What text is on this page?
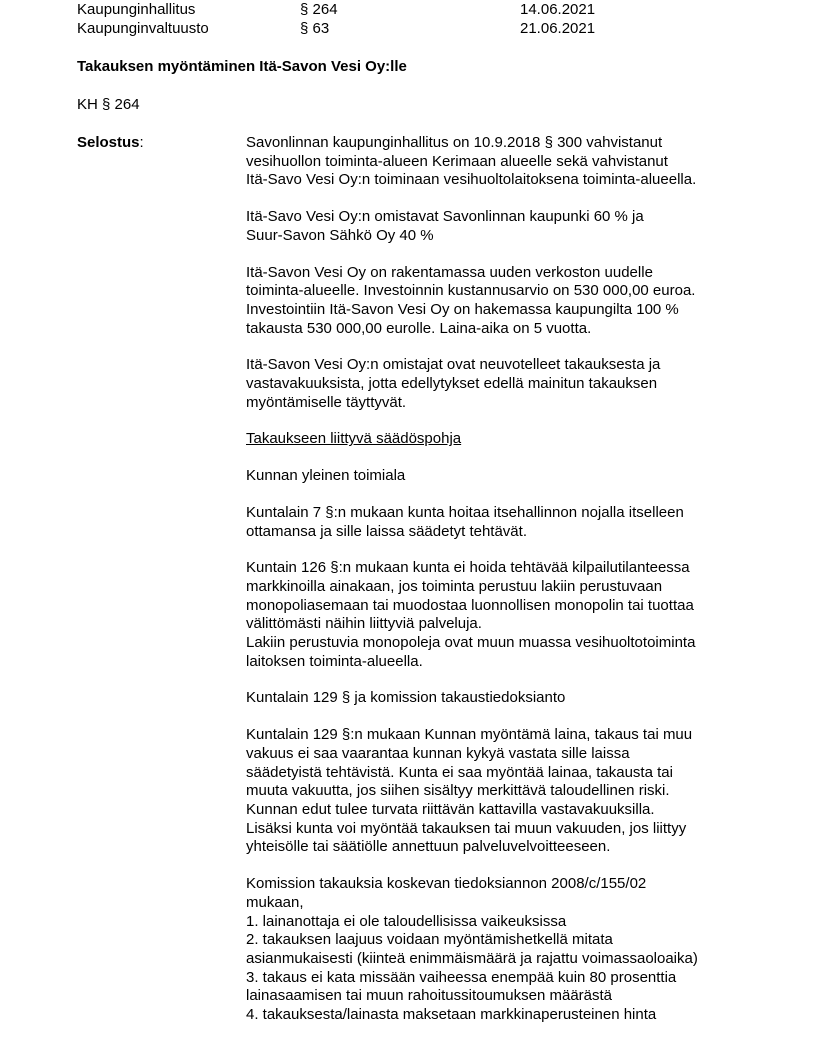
Kaupunginhallitus	§ 264	14.06.2021
Kaupunginvaltuusto	§ 63	21.06.2021
Takauksen myöntäminen Itä-Savon Vesi Oy:lle
KH § 264
Selostus:	Savonlinnan kaupunginhallitus on 10.9.2018 § 300 vahvistanut
vesihuollon toiminta-alueen Kerimaan alueelle sekä vahvistanut
Itä-Savo Vesi Oy:n toiminaan vesihuoltolaitoksena toiminta-alueella.
Itä-Savo Vesi Oy:n omistavat Savonlinnan kaupunki 60 % ja
Suur-Savon Sähkö Oy 40 %
Itä-Savon Vesi Oy on rakentamassa uuden verkoston uudelle
toiminta-alueelle. Investoinnin kustannusarvio on 530 000,00 euroa.
Investointiin Itä-Savon Vesi Oy on hakemassa kaupungilta 100 %
takausta 530 000,00 eurolle. Laina-aika on 5 vuotta.
Itä-Savon Vesi Oy:n omistajat ovat neuvotelleet takauksesta ja
vastavakuuksista, jotta edellytykset edellä mainitun takauksen
myöntämiselle täyttyvät.
Takaukseen liittyvä säädöspohja
Kunnan yleinen toimiala
Kuntalain 7 §:n mukaan kunta hoitaa itsehallinnon nojalla itselleen
ottamansa ja sille laissa säädetyt tehtävät.
Kuntain 126 §:n mukaan kunta ei hoida tehtävää kilpailutilanteessa
markkinoilla ainakaan, jos toiminta perustuu lakiin perustuvaan
monopoliasemaan tai muodostaa luonnollisen monopolin tai tuottaa
välittömästi näihin liittyviä palveluja.
Lakiin perustuvia monopoleja ovat muun muassa vesihuoltotoiminta
laitoksen toiminta-alueella.
Kuntalain 129 § ja komission takaustiedoksianto
Kuntalain 129 §:n mukaan Kunnan myöntämä laina, takaus tai muu
vakuus ei saa vaarantaa kunnan kykyä vastata sille laissa
säädetyistä tehtävistä. Kunta ei saa myöntää lainaa, takausta tai
muuta vakuutta, jos siihen sisältyy merkittävä taloudellinen riski.
Kunnan edut tulee turvata riittävän kattavilla vastavakuuksilla.
Lisäksi kunta voi myöntää takauksen tai muun vakuuden, jos liittyy
yhteisölle tai säätiölle annettuun palveluvelvoitteeseen.
Komission takauksia koskevan tiedoksiannon 2008/c/155/02
mukaan,
1. lainanottaja ei ole taloudellisissa vaikeuksissa
2. takauksen laajuus voidaan myöntämishetkellä mitata
asianmukaisesti (kiinteä enimmäismäärä ja rajattu voimassaoloaika)
3. takaus ei kata missään vaiheessa enempää kuin 80 prosenttia
lainasaamisen tai muun rahoitussitoumuksen määrästä
4. takauksesta/lainasta maksetaan markkinaperusteinen hinta
